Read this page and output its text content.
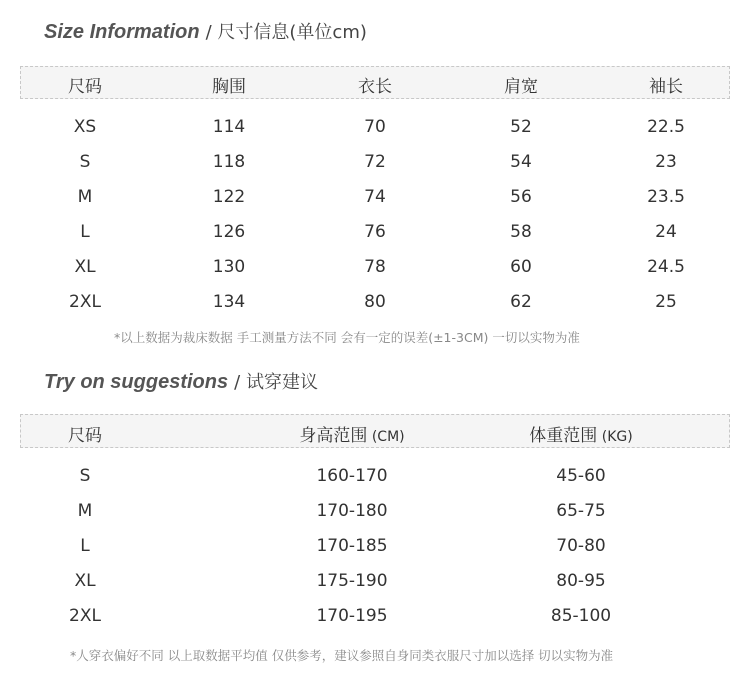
Size Information / 尺寸信息(单位cm)
尺码	胸围	衣长	肩宽	袖长
XS	114	70	52	22.5
S	118	72	54	23
M	122	74	56	23.5
L	126	76	58	24
XL	130	78	60	24.5
2XL	134	80	62	25
*以上数据为裁床数据 手工测量方法不同 会有一定的误差(±1-3CM) 一切以实物为准
Try on suggestions / 试穿建议
尺码	身高范围 (CM)	体重范围 (KG)
S	160-170	45-60
M	170-180	65-75
L	170-185	70-80
XL	175-190	80-95
2XL	170-195	85-100
*人穿衣偏好不同 以上取数据平均值 仅供参考，建议参照自身同类衣服尺寸加以选择 切以实物为准
